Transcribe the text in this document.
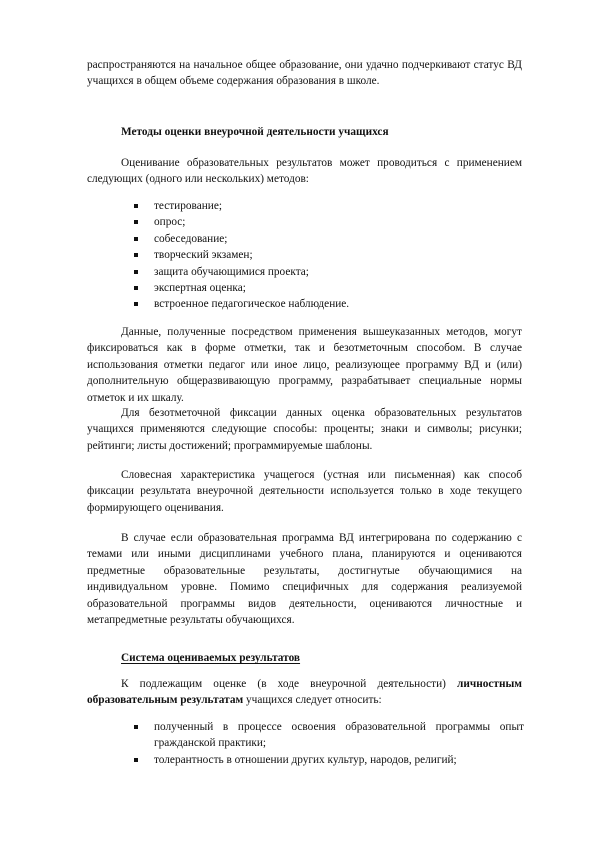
распространяются на начальное общее образование, они удачно подчеркивают статус ВД учащихся в общем объеме содержания образования в школе.

Методы оценки внеурочной деятельности учащихся

Оценивание образовательных результатов может проводиться с применением следующих (одного или нескольких) методов:

тестирование;
опрос;
собеседование;
творческий экзамен;
защита обучающимися проекта;
экспертная оценка;
встроенное педагогическое наблюдение.

Данные, полученные посредством применения вышеуказанных методов, могут фиксироваться как в форме отметки, так и безотметочным способом. В случае использования отметки педагог или иное лицо, реализующее программу ВД и (или) дополнительную общеразвивающую программу, разрабатывает специальные нормы отметок и их шкалу.

Для безотметочной фиксации данных оценка образовательных результатов учащихся применяются следующие способы: проценты; знаки и символы; рисунки; рейтинги; листы достижений; программируемые шаблоны.

Словесная характеристика учащегося (устная или письменная) как способ фиксации результата внеурочной деятельности используется только в ходе текущего формирующего оценивания.

В случае если образовательная программа ВД интегрирована по содержанию с темами или иными дисциплинами учебного плана, планируются и оцениваются предметные образовательные результаты, достигнутые обучающимися на индивидуальном уровне. Помимо специфичных для содержания реализуемой образовательной программы видов деятельности, оцениваются личностные и метапредметные результаты обучающихся.

Система оцениваемых результатов

К подлежащим оценке (в ходе внеурочной деятельности) личностным образовательным результатам учащихся следует относить:

полученный в процессе освоения образовательной программы опыт гражданской практики;
толерантность в отношении других культур, народов, религий;
